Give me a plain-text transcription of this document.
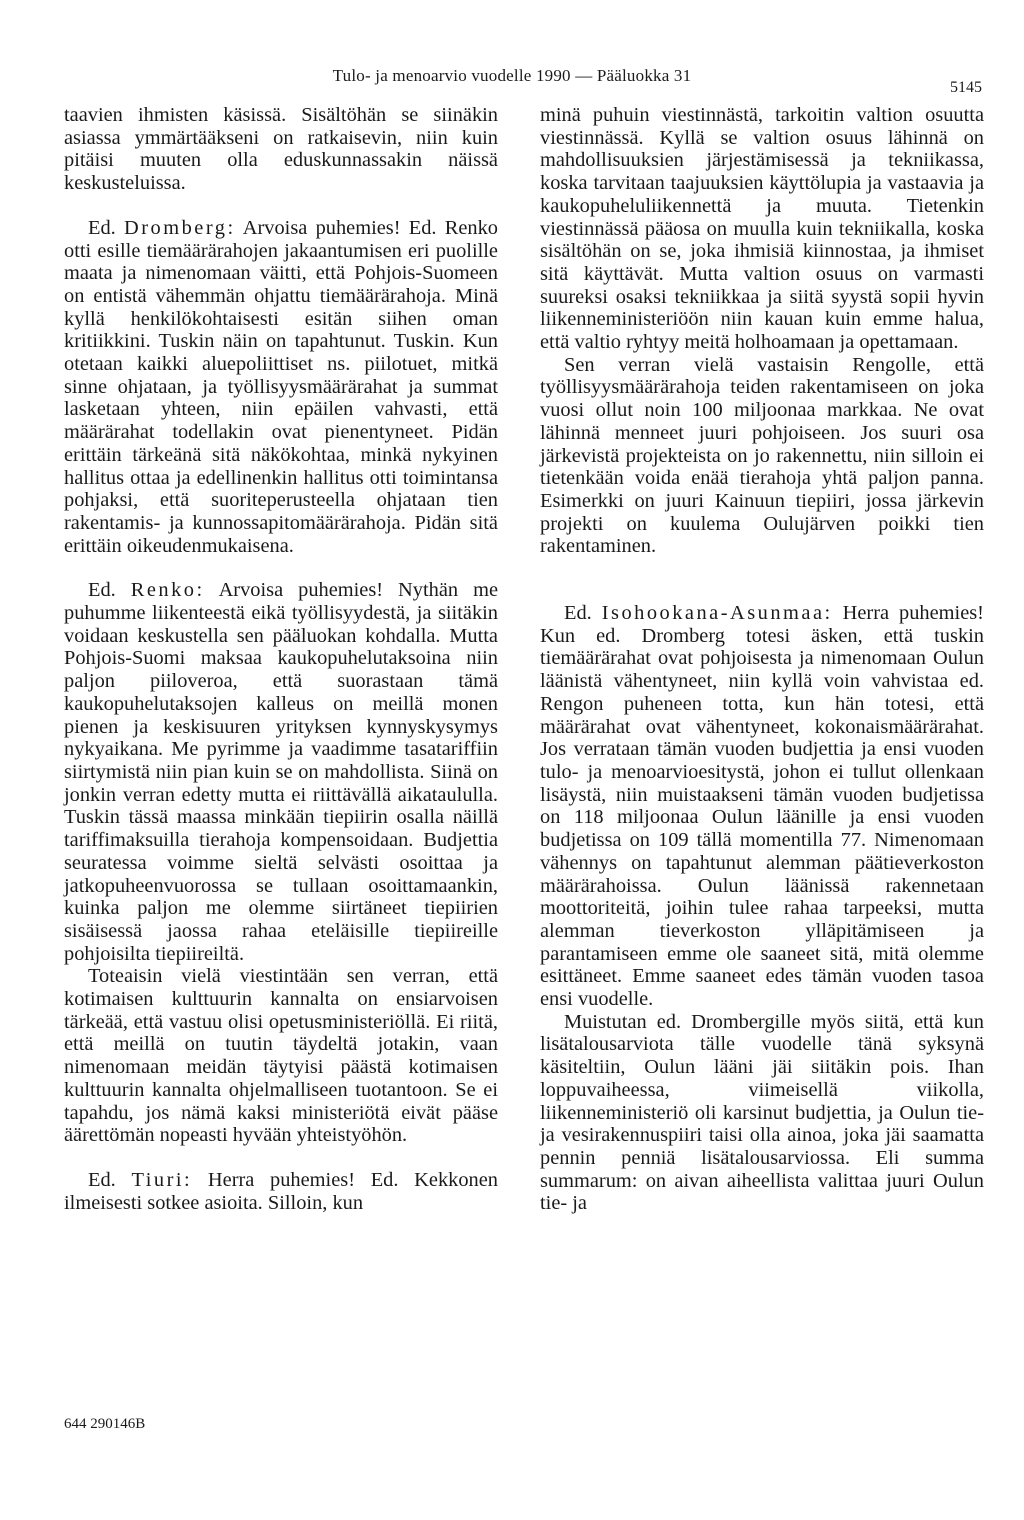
Tulo- ja menoarvio vuodelle 1990 — Pääluokka 31
5145

taavien ihmisten käsissä. Sisältöhän se siinäkin asiassa ymmärtääkseni on ratkaisevin, niin kuin pitäisi muuten olla eduskunnassakin näissä keskusteluissa.

Ed. Dromberg: Arvoisa puhemies! Ed. Renko otti esille tiemäärärahojen jakaantumisen eri puolille maata ja nimenomaan väitti, että Pohjois-Suomeen on entistä vähemmän ohjattu tiemäärärahoja. Minä kyllä henkilökohtaisesti esitän siihen oman kritiikkini. Tuskin näin on tapahtunut. Tuskin. Kun otetaan kaikki aluepoliittiset ns. piilotuet, mitkä sinne ohjataan, ja työllisyysmäärärahat ja summat lasketaan yhteen, niin epäilen vahvasti, että määrärahat todellakin ovat pienentyneet. Pidän erittäin tärkeänä sitä näkökohtaa, minkä nykyinen hallitus ottaa ja edellinenkin hallitus otti toimintansa pohjaksi, että suoriteperusteella ohjataan tien rakentamis- ja kunnossapitomäärärahoja. Pidän sitä erittäin oikeudenmukaisena.

Ed. Renko: Arvoisa puhemies! Nythän me puhumme liikenteestä eikä työllisyydestä, ja siitäkin voidaan keskustella sen pääluokan kohdalla. Mutta Pohjois-Suomi maksaa kaukopuhelutaksoina niin paljon piiloveroa, että suorastaan tämä kaukopuhelutaksojen kalleus on meillä monen pienen ja keskisuuren yrityksen kynnyskysymys nykyaikana. Me pyrimme ja vaadimme tasatariffiin siirtymistä niin pian kuin se on mahdollista. Siinä on jonkin verran edetty mutta ei riittävällä aikataululla. Tuskin tässä maassa minkään tiepiirin osalla näillä tariffimaksuilla tierahoja kompensoidaan. Budjettia seuratessa voimme sieltä selvästi osoittaa ja jatkopuheenvuorossa se tullaan osoittamaankin, kuinka paljon me olemme siirtäneet tiepiirien sisäisessä jaossa rahaa eteläisille tiepiireille pohjoisilta tiepiireiltä.

Toteaisin vielä viestintään sen verran, että kotimaisen kulttuurin kannalta on ensiarvoisen tärkeää, että vastuu olisi opetusministeriöllä. Ei riitä, että meillä on tuutin täydeltä jotakin, vaan nimenomaan meidän täytyisi päästä kotimaisen kulttuurin kannalta ohjelmalliseen tuotantoon. Se ei tapahdu, jos nämä kaksi ministeriötä eivät pääse äärettömän nopeasti hyvään yhteistyöhön.

Ed. Tiuri: Herra puhemies! Ed. Kekkonen ilmeisesti sotkee asioita. Silloin, kun

minä puhuin viestinnästä, tarkoitin valtion osuutta viestinnässä. Kyllä se valtion osuus lähinnä on mahdollisuuksien järjestämisessä ja tekniikassa, koska tarvitaan taajuuksien käyttölupia ja vastaavia ja kaukopuheluliikennettä ja muuta. Tietenkin viestinnässä pääosa on muulla kuin tekniikalla, koska sisältöhän on se, joka ihmisiä kiinnostaa, ja ihmiset sitä käyttävät. Mutta valtion osuus on varmasti suureksi osaksi tekniikkaa ja siitä syystä sopii hyvin liikenneministeriöön niin kauan kuin emme halua, että valtio ryhtyy meitä holhoamaan ja opettamaan.

Sen verran vielä vastaisin Rengolle, että työllisyysmäärärahoja teiden rakentamiseen on joka vuosi ollut noin 100 miljoonaa markkaa. Ne ovat lähinnä menneet juuri pohjoiseen. Jos suuri osa järkevistä projekteista on jo rakennettu, niin silloin ei tietenkään voida enää tierahoja yhtä paljon panna. Esimerkki on juuri Kainuun tiepiiri, jossa järkevin projekti on kuulema Oulujärven poikki tien rakentaminen.

Ed. Isohookana-Asunmaa: Herra puhemies! Kun ed. Dromberg totesi äsken, että tuskin tiemäärärahat ovat pohjoisesta ja nimenomaan Oulun läänistä vähentyneet, niin kyllä voin vahvistaa ed. Rengon puheneen totta, kun hän totesi, että määrärahat ovat vähentyneet, kokonaismäärärahat. Jos verrataan tämän vuoden budjettia ja ensi vuoden tulo- ja menoarvioesitystä, johon ei tullut ollenkaan lisäystä, niin muistaakseni tämän vuoden budjetissa on 118 miljoonaa Oulun läänille ja ensi vuoden budjetissa on 109 tällä momentilla 77. Nimenomaan vähennys on tapahtunut alemman päätieverkoston määrärahoissa. Oulun läänissä rakennetaan moottoriteitä, joihin tulee rahaa tarpeeksi, mutta alemman tieverkoston ylläpitämiseen ja parantamiseen emme ole saaneet sitä, mitä olemme esittäneet. Emme saaneet edes tämän vuoden tasoa ensi vuodelle.

Muistutan ed. Drombergille myös siitä, että kun lisätalousarviota tälle vuodelle tänä syksynä käsiteltiin, Oulun lääni jäi siitäkin pois. Ihan loppuvaiheessa, viimeisellä viikolla, liikenneministeriö oli karsinut budjettia, ja Oulun tie- ja vesirakennuspiiri taisi olla ainoa, joka jäi saamatta pennin penniä lisätalousarviossa. Eli summa summarum: on aivan aiheellista valittaa juuri Oulun tie- ja

644 290146B
